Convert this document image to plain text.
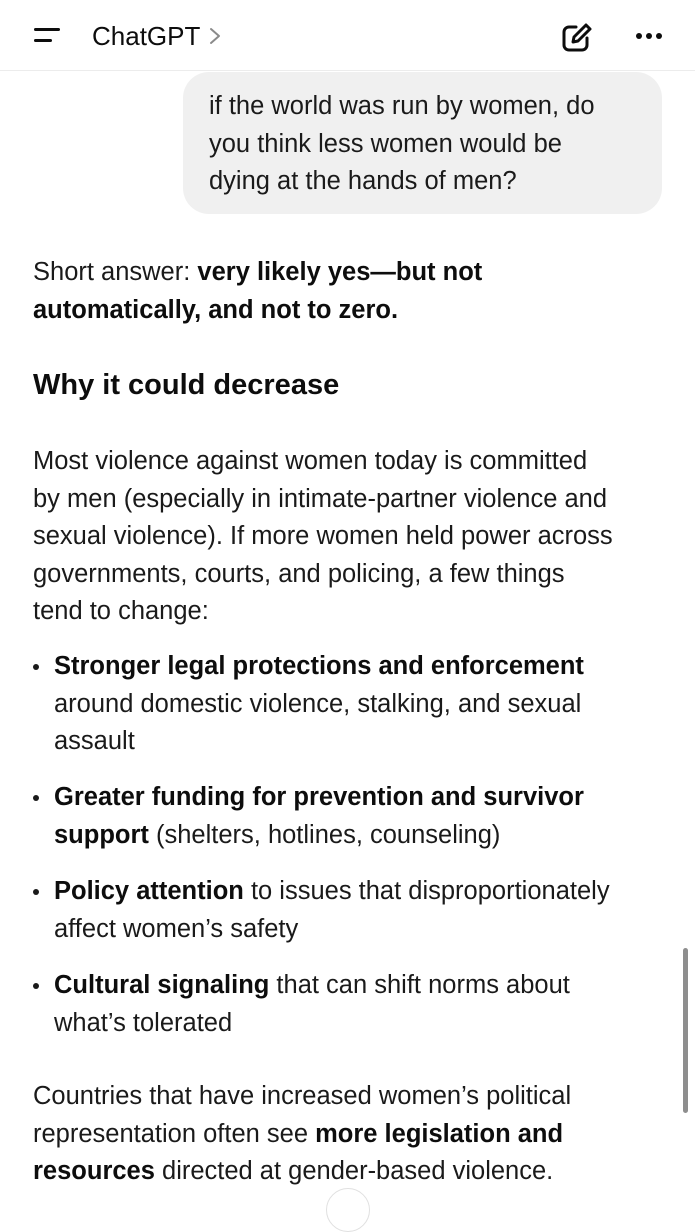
ChatGPT

if the world was run by women, do

you think less women would be

dying at the hands of men?

Short answer: very likely yes—but not

automatically, and not to zero.

Why it could decrease
Most violence against women today is committed
by men (especially in intimate-partner violence and
sexual violence). If more women held power across
governments, courts, and policing, a few things
tend to change:

Stronger legal protections and enforcement

around domestic violence, stalking, and sexual

assault

Greater funding for prevention and survivor

support (shelters, hotlines, counseling)

Policy attention to issues that disproportionately

affect women’s safety

Cultural signaling that can shift norms about

what’s tolerated

Countries that have increased women’s political
representation often see more legislation and
resources directed at gender-based violence.
